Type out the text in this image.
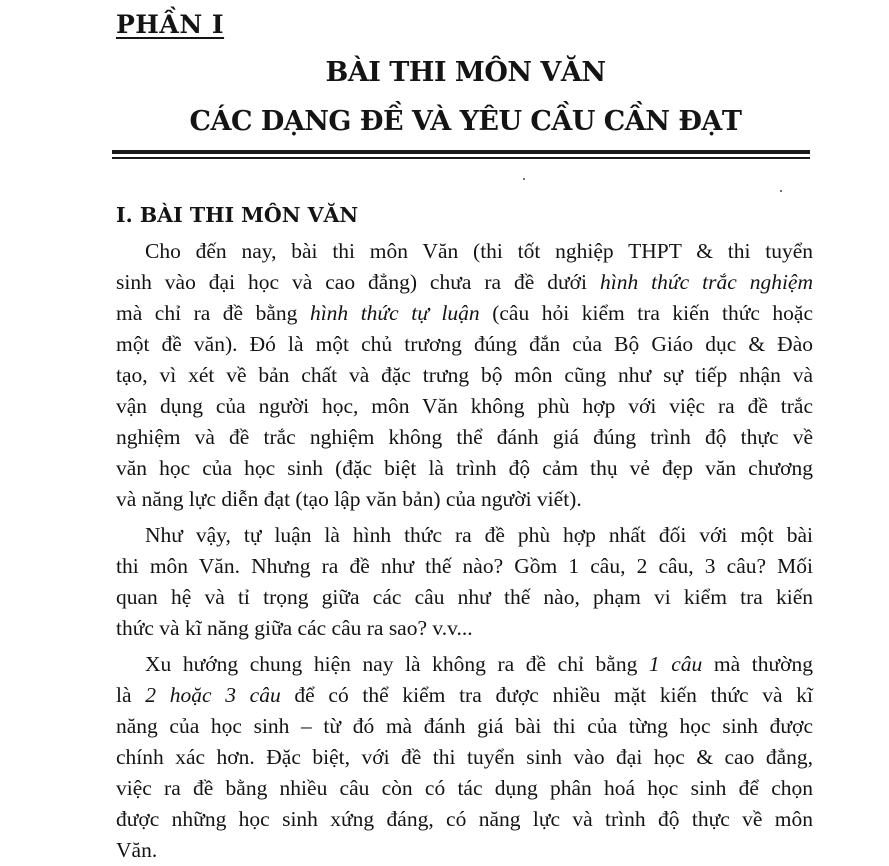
PHẦN I
BÀI THI MÔN VĂN
CÁC DẠNG ĐỀ VÀ YÊU CẦU CẦN ĐẠT
I. BÀI THI MÔN VĂN
Cho đến nay, bài thi môn Văn (thi tốt nghiệp THPT & thi tuyển
sinh vào đại học và cao đẳng) chưa ra đề dưới hình thức trắc nghiệm
mà chỉ ra đề bằng hình thức tự luận (câu hỏi kiểm tra kiến thức hoặc
một đề văn). Đó là một chủ trương đúng đắn của Bộ Giáo dục & Đào
tạo, vì xét về bản chất và đặc trưng bộ môn cũng như sự tiếp nhận và
vận dụng của người học, môn Văn không phù hợp với việc ra đề trắc
nghiệm và đề trắc nghiệm không thể đánh giá đúng trình độ thực về
văn học của học sinh (đặc biệt là trình độ cảm thụ vẻ đẹp văn chương
và năng lực diễn đạt (tạo lập văn bản) của người viết).
Như vậy, tự luận là hình thức ra đề phù hợp nhất đối với một bài
thi môn Văn. Nhưng ra đề như thế nào? Gồm 1 câu, 2 câu, 3 câu? Mối
quan hệ và tỉ trọng giữa các câu như thế nào, phạm vi kiểm tra kiến
thức và kĩ năng giữa các câu ra sao? v.v...
Xu hướng chung hiện nay là không ra đề chỉ bằng 1 câu mà thường
là 2 hoặc 3 câu để có thể kiểm tra được nhiều mặt kiến thức và kĩ
năng của học sinh – từ đó mà đánh giá bài thi của từng học sinh được
chính xác hơn. Đặc biệt, với đề thi tuyển sinh vào đại học & cao đẳng,
việc ra đề bằng nhiều câu còn có tác dụng phân hoá học sinh để chọn
được những học sinh xứng đáng, có năng lực và trình độ thực về môn
Văn.
